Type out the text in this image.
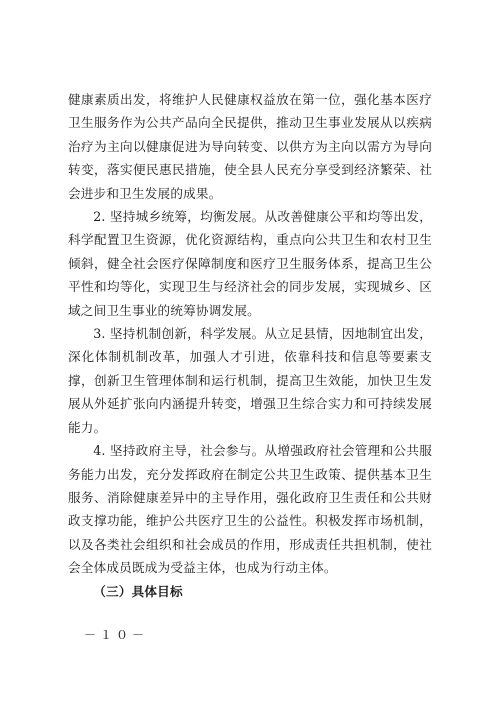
健康素质出发，将维护人民健康权益放在第一位，强化基本医疗卫生服务作为公共产品向全民提供，推动卫生事业发展从以疾病治疗为主向以健康促进为导向转变、以供方为主向以需方为导向转变，落实便民惠民措施，使全县人民充分享受到经济繁荣、社会进步和卫生发展的成果。

2. 坚持城乡统筹，均衡发展。从改善健康公平和均等出发，科学配置卫生资源，优化资源结构，重点向公共卫生和农村卫生倾斜，健全社会医疗保障制度和医疗卫生服务体系，提高卫生公平性和均等化，实现卫生与经济社会的同步发展，实现城乡、区域之间卫生事业的统筹协调发展。

3. 坚持机制创新，科学发展。从立足县情，因地制宜出发，深化体制机制改革，加强人才引进，依靠科技和信息等要素支撑，创新卫生管理体制和运行机制，提高卫生效能，加快卫生发展从外延扩张向内涵提升转变，增强卫生综合实力和可持续发展能力。

4. 坚持政府主导，社会参与。从增强政府社会管理和公共服务能力出发，充分发挥政府在制定公共卫生政策、提供基本卫生服务、消除健康差异中的主导作用，强化政府卫生责任和公共财政支撑功能，维护公共医疗卫生的公益性。积极发挥市场机制，以及各类社会组织和社会成员的作用，形成责任共担机制，使社会全体成员既成为受益主体，也成为行动主体。

（三）具体目标

－１０－
